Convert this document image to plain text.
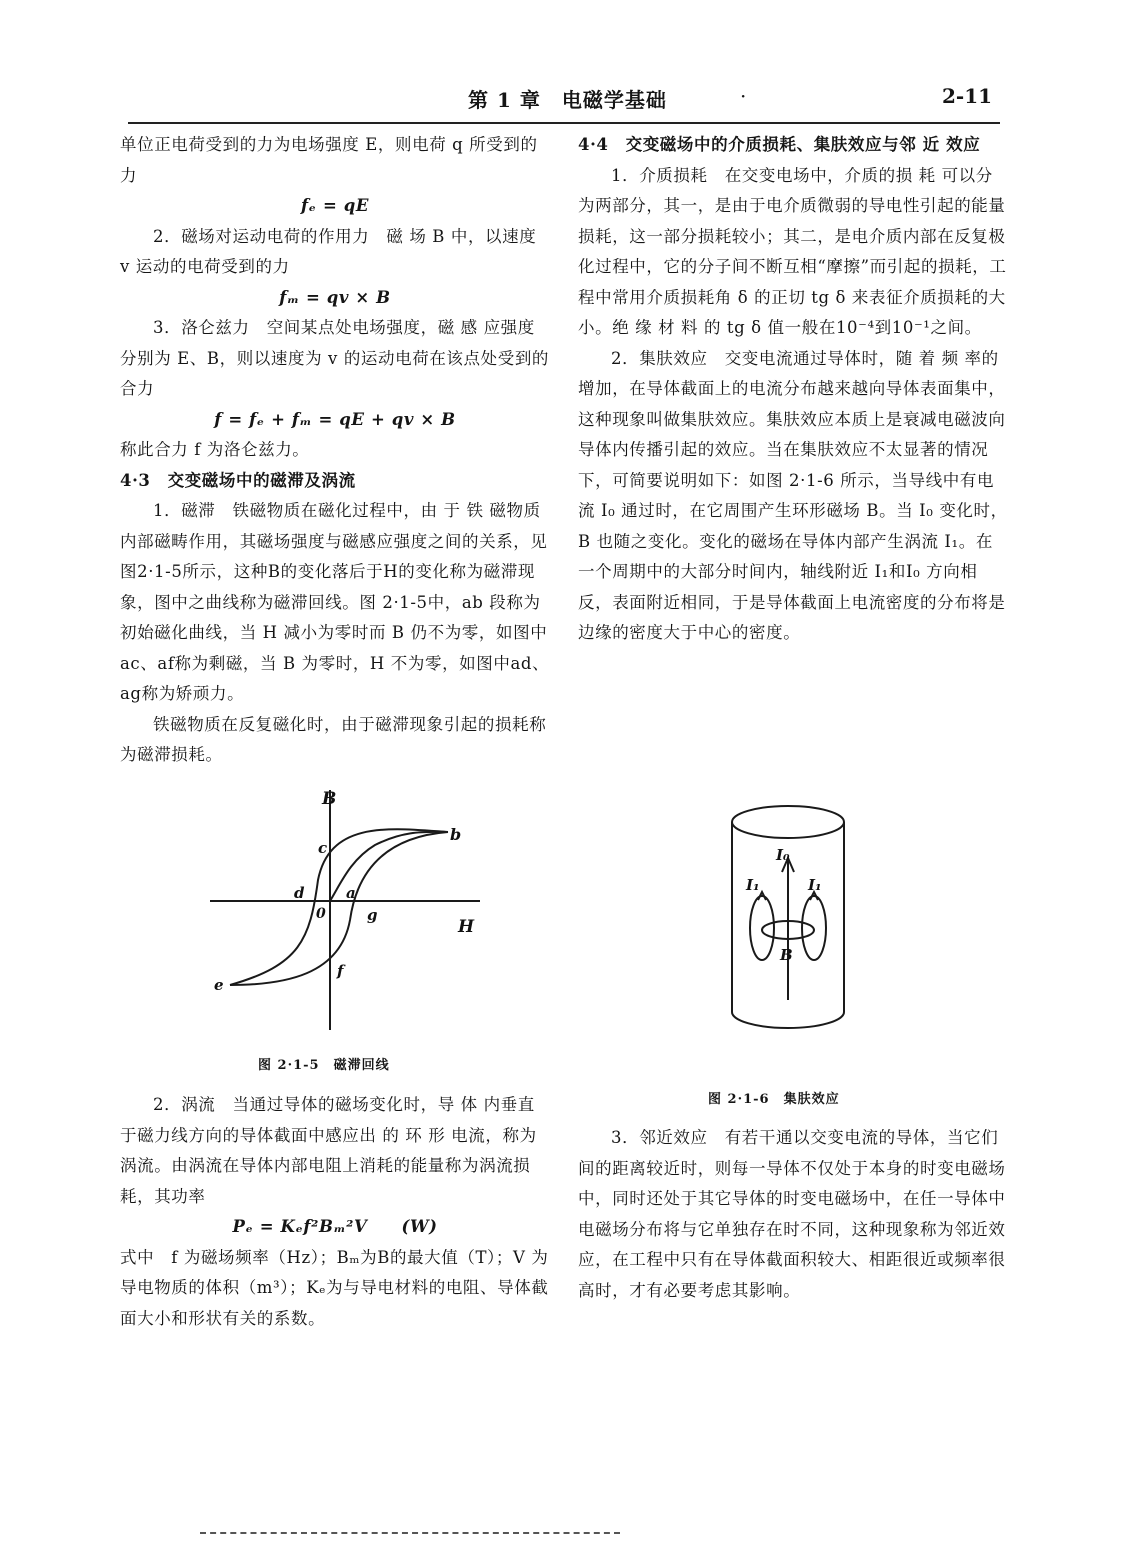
第 1 章　电磁学基础	·	2-11

单位正电荷受到的力为电场强度 E，则电荷 q 所受到的力

fₑ = qE

2．磁场对运动电荷的作用力　磁 场 B 中，以速度 v 运动的电荷受到的力

fₘ = qv × B

3．洛仑兹力　空间某点处电场强度，磁 感 应强度分别为 E、B，则以速度为 v 的运动电荷在该点处受到的合力

f = fₑ + fₘ = qE + qv × B

称此合力 f 为洛仑兹力。

4·3　交变磁场中的磁滞及涡流

1．磁滞　铁磁物质在磁化过程中，由 于 铁 磁物质内部磁畴作用，其磁场强度与磁感应强度之间的关系，见图2·1-5所示，这种B的变化落后于H的变化称为磁滞现象，图中之曲线称为磁滞回线。图 2·1-5中，ab 段称为初始磁化曲线，当 H 减小为零时而 B 仍不为零，如图中ac、af称为剩磁，当 B 为零时，H 不为零，如图中ad、ag称为矫顽力。

铁磁物质在反复磁化时，由于磁滞现象引起的损耗称为磁滞损耗。

4·4　交变磁场中的介质损耗、集肤效应与邻 近 效应

1．介质损耗　在交变电场中，介质的损 耗 可以分为两部分，其一，是由于电介质微弱的导电性引起的能量损耗，这一部分损耗较小；其二，是电介质内部在反复极化过程中，它的分子间不断互相“摩擦”而引起的损耗，工程中常用介质损耗角 δ 的正切 tg δ 来表征介质损耗的大小。绝 缘 材 料 的 tg δ 值一般在10⁻⁴到10⁻¹之间。

2．集肤效应　交变电流通过导体时，随 着 频 率的增加，在导体截面上的电流分布越来越向导体表面集中，这种现象叫做集肤效应。集肤效应本质上是衰减电磁波向导体内传播引起的效应。当在集肤效应不太显著的情况下，可简要说明如下：如图 2·1-6 所示，当导线中有电流 I₀ 通过时，在它周围产生环形磁场 B。当 I₀ 变化时，B 也随之变化。变化的磁场在导体内部产生涡流 I₁。在一个周期中的大部分时间内，轴线附近 I₁和I₀ 方向相反，表面附近相同，于是导体截面上电流密度的分布将是边缘的密度大于中心的密度。

B
H
b
c
a
d
0	g
f
e
图 2·1-5　磁滞回线
I₀
I₁	I₁
B
图 2·1-6　集肤效应

2．涡流　当通过导体的磁场变化时，导 体 内垂直于磁力线方向的导体截面中感应出 的 环 形 电流，称为涡流。由涡流在导体内部电阻上消耗的能量称为涡流损耗，其功率

Pₑ = Kₑf²Bₘ²V　　(W)

式中　f 为磁场频率（Hz）；Bₘ为B的最大值（T）；V 为导电物质的体积（m³）；Kₑ为与导电材料的电阻、导体截面大小和形状有关的系数。

3．邻近效应　有若干通以交变电流的导体，当它们间的距离较近时，则每一导体不仅处于本身的时变电磁场中，同时还处于其它导体的时变电磁场中，在任一导体中电磁场分布将与它单独存在时不同，这种现象称为邻近效应，在工程中只有在导体截面积较大、相距很近或频率很高时，才有必要考虑其影响。
